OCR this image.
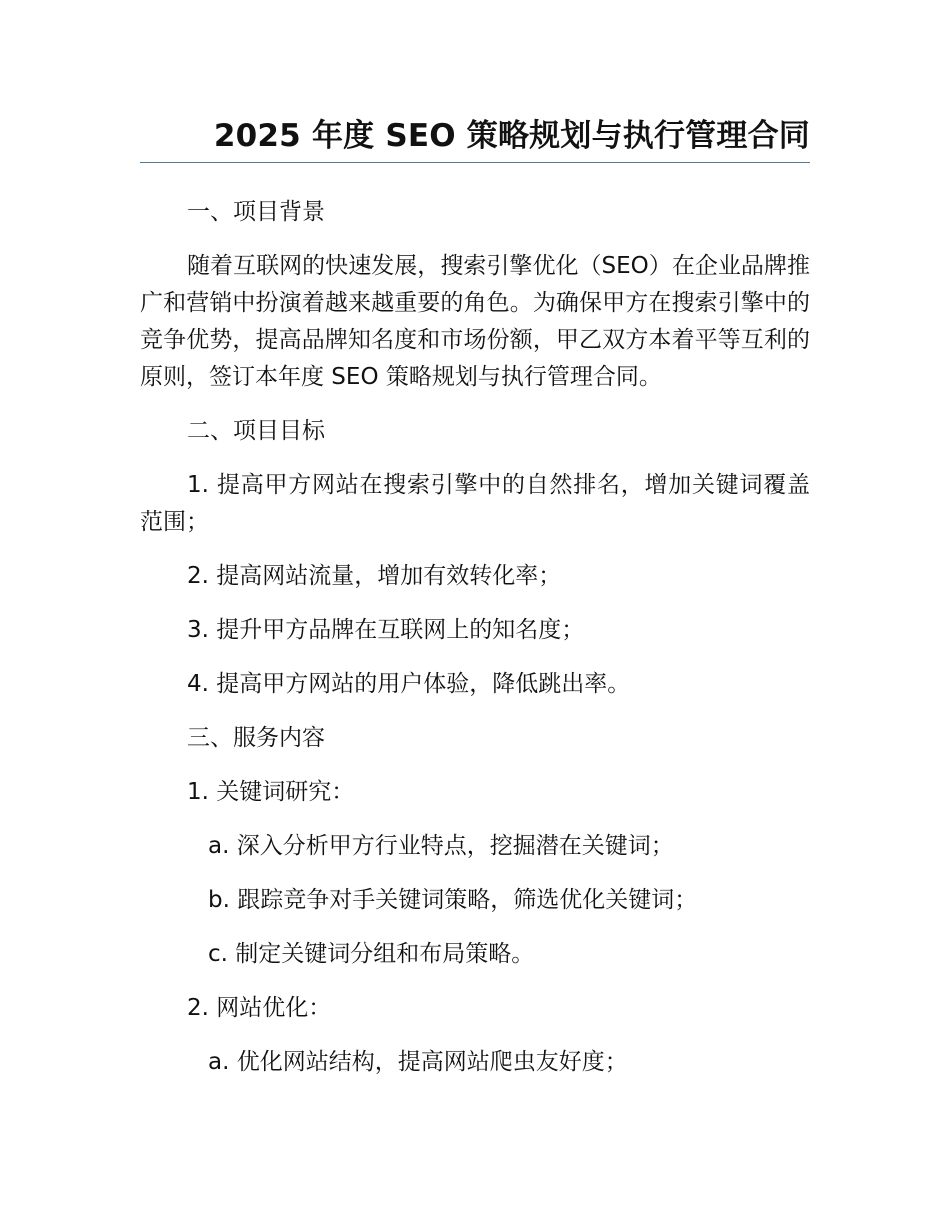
2025 年度 SEO 策略规划与执行管理合同

一、项目背景

随着互联网的快速发展，搜索引擎优化（SEO）在企业品牌推广和营销中扮演着越来越重要的角色。为确保甲方在搜索引擎中的竞争优势，提高品牌知名度和市场份额，甲乙双方本着平等互利的原则，签订本年度 SEO 策略规划与执行管理合同。

二、项目目标

1. 提高甲方网站在搜索引擎中的自然排名，增加关键词覆盖范围；

2. 提高网站流量，增加有效转化率；

3. 提升甲方品牌在互联网上的知名度；

4. 提高甲方网站的用户体验，降低跳出率。

三、服务内容

1. 关键词研究：

a. 深入分析甲方行业特点，挖掘潜在关键词；

b. 跟踪竞争对手关键词策略，筛选优化关键词；

c. 制定关键词分组和布局策略。

2. 网站优化：

a. 优化网站结构，提高网站爬虫友好度；
